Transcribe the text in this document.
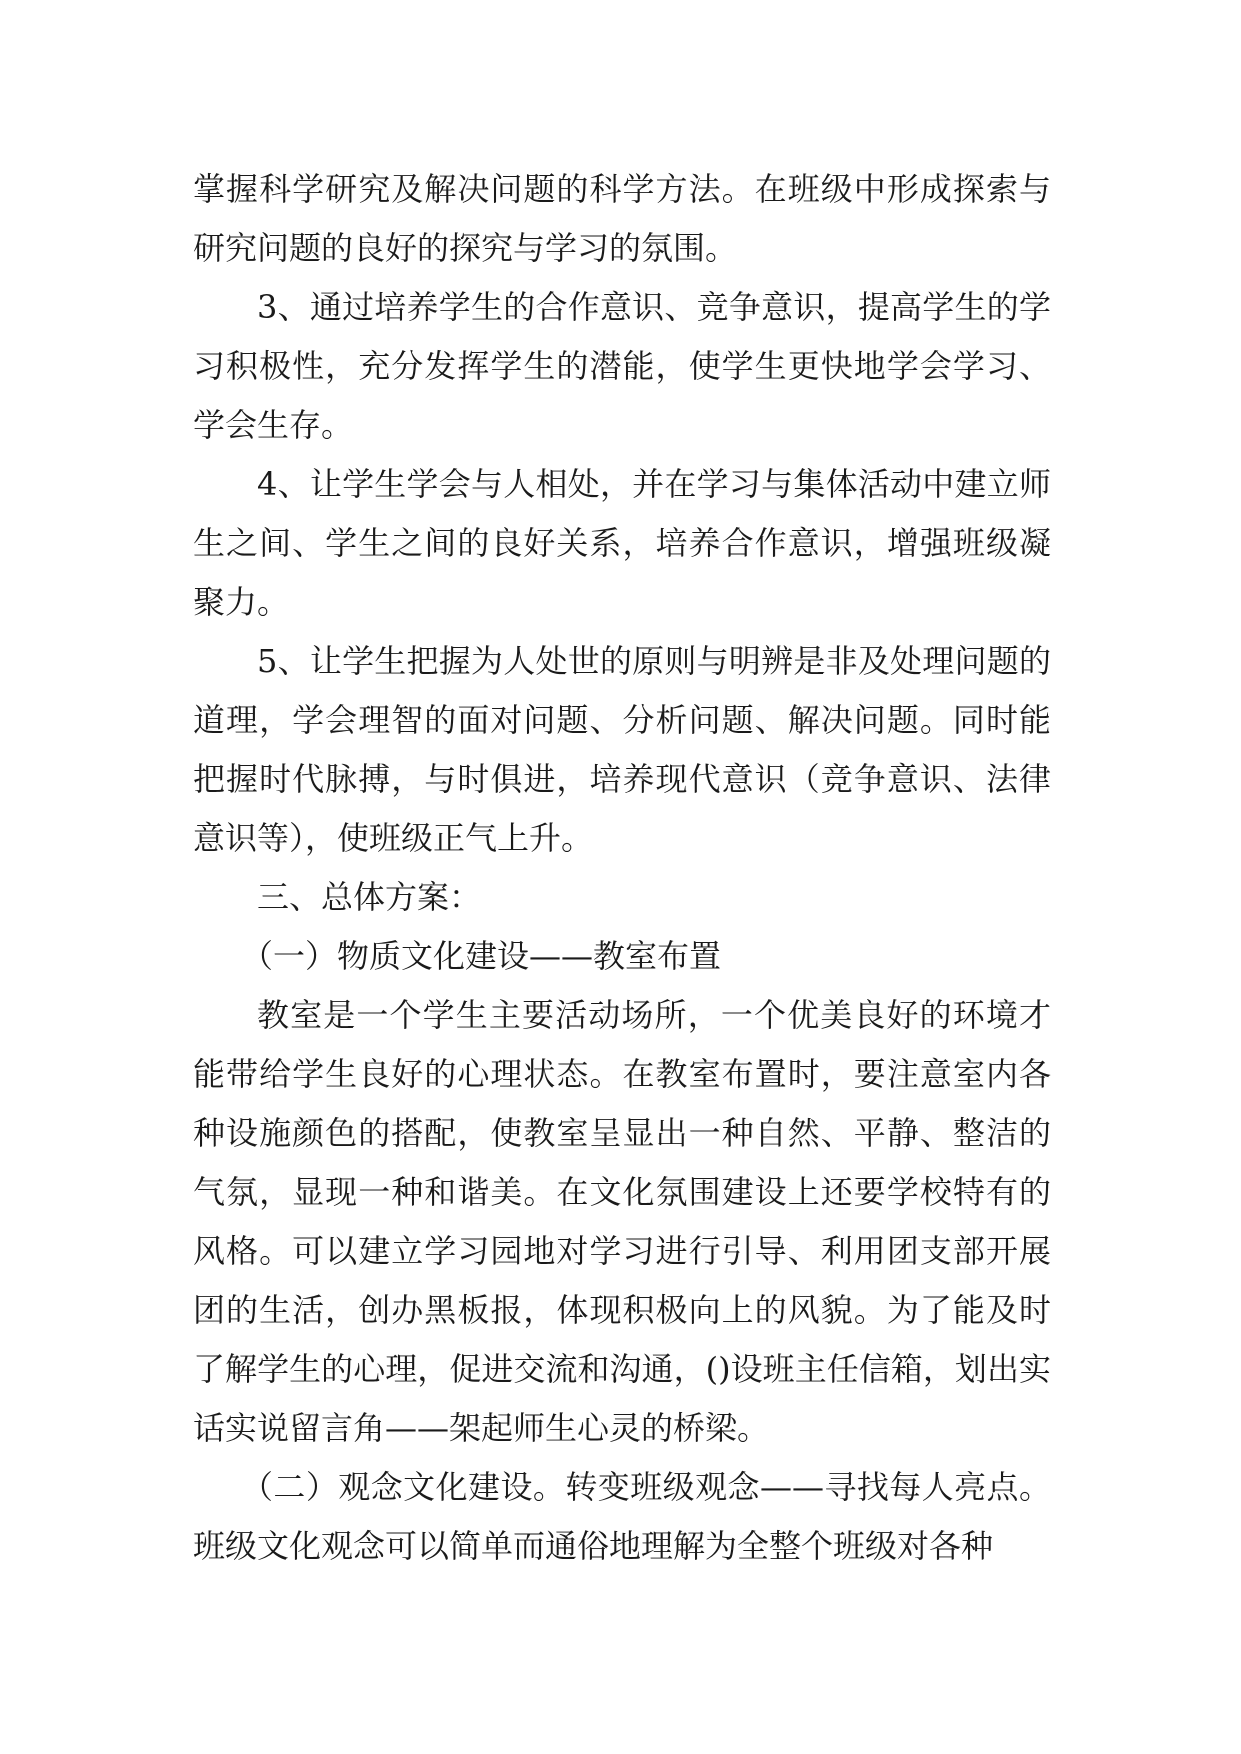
掌握科学研究及解决问题的科学方法。在班级中形成探索与研究问题的良好的探究与学习的氛围。

3、通过培养学生的合作意识、竞争意识，提高学生的学习积极性，充分发挥学生的潜能，使学生更快地学会学习、学会生存。

4、让学生学会与人相处，并在学习与集体活动中建立师生之间、学生之间的良好关系，培养合作意识，增强班级凝聚力。

5、让学生把握为人处世的原则与明辨是非及处理问题的道理，学会理智的面对问题、分析问题、解决问题。同时能把握时代脉搏，与时俱进，培养现代意识（竞争意识、法律意识等），使班级正气上升。

三、总体方案：

（一）物质文化建设——教室布置

教室是一个学生主要活动场所，一个优美良好的环境才能带给学生良好的心理状态。在教室布置时，要注意室内各种设施颜色的搭配，使教室呈显出一种自然、平静、整洁的气氛，显现一种和谐美。在文化氛围建设上还要学校特有的风格。可以建立学习园地对学习进行引导、利用团支部开展团的生活，创办黑板报，体现积极向上的风貌。为了能及时了解学生的心理，促进交流和沟通，()设班主任信箱，划出实话实说留言角——架起师生心灵的桥梁。

（二）观念文化建设。转变班级观念——寻找每人亮点。班级文化观念可以简单而通俗地理解为全整个班级对各种
